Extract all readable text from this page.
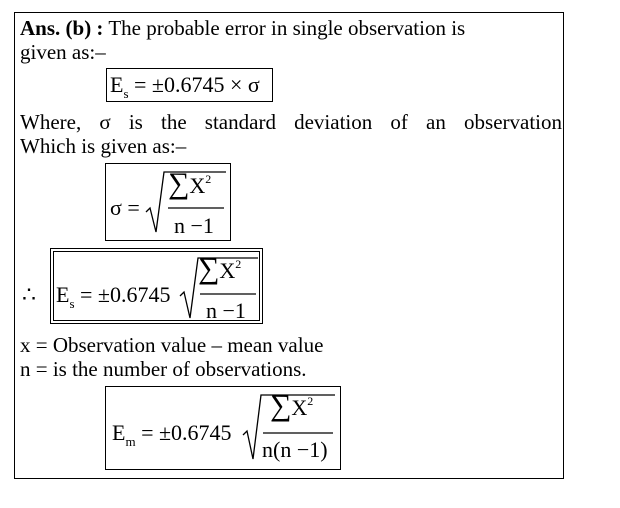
Ans. (b) : The probable error in single observation is
given as:–
$E_s = \pm 0.6745 \times \sigma$
Where, σ is the standard deviation of an observation
Which is given as:–
σ =
$\sum X^2$
n −1
∴ $E_s = \pm 0.6745$
$\sum X^2$
n −1
x = Observation value – mean value
n = is the number of observations.
$E_m = \pm 0.6745$
$\sum X^2$
n(n −1)
